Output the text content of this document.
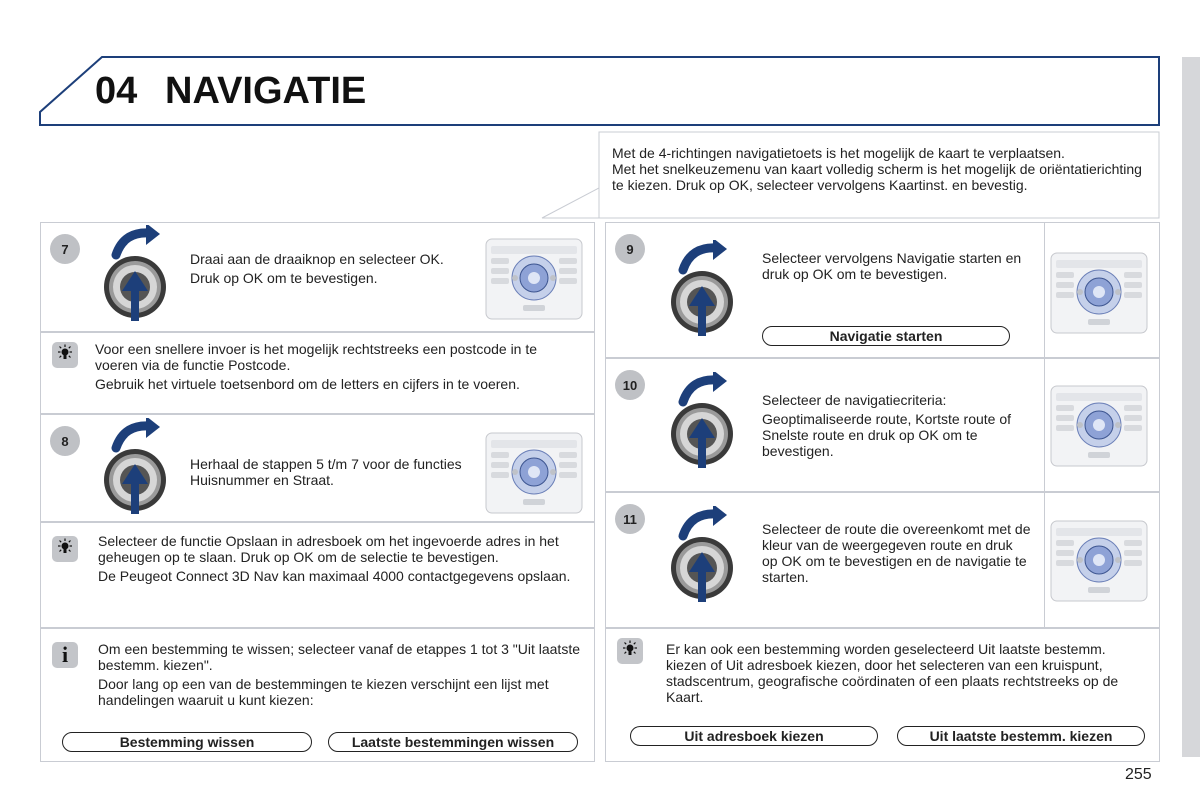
04 NAVIGATIE
Met de 4-richtingen navigatietoets is het mogelijk de kaart te verplaatsen.
Met het snelkeuzemenu van kaart volledig scherm is het mogelijk de oriëntatierichting te kiezen. Druk op OK, selecteer vervolgens Kaartinst. en bevestig.
7

Draai aan de draaiknop en selecteer OK.

Druk op OK om te bevestigen.

Voor een snellere invoer is het mogelijk rechtstreeks een postcode in te voeren via de functie Postcode.

Gebruik het virtuele toetsenbord om de letters en cijfers in te voeren.

8

Herhaal de stappen 5 t/m 7 voor de functies Huisnummer en Straat.

Selecteer de functie Opslaan in adresboek om het ingevoerde adres in het geheugen op te slaan. Druk op OK om de selectie te bevestigen.

De Peugeot Connect 3D Nav kan maximaal 4000 contactgegevens opslaan.

i Om een bestemming te wissen; selecteer vanaf de etappes 1 tot 3 "Uit laatste bestemm. kiezen".

Door lang op een van de bestemmingen te kiezen verschijnt een lijst met handelingen waaruit u kunt kiezen:

Bestemming wissen	Laatste bestemmingen wissen
9

Selecteer vervolgens Navigatie starten en druk op OK om te bevestigen.

Navigatie starten
10

Selecteer de navigatiecriteria:

Geoptimaliseerde route, Kortste route of Snelste route en druk op OK om te bevestigen.

11

Selecteer de route die overeenkomt met de kleur van de weergegeven route en druk op OK om te bevestigen en de navigatie te starten.

Er kan ook een bestemming worden geselecteerd Uit laatste bestemm. kiezen of Uit adresboek kiezen, door het selecteren van een kruispunt, stadscentrum, geografische coördinaten of een plaats rechtstreeks op de Kaart.

Uit adresboek kiezen	Uit laatste bestemm. kiezen
255
